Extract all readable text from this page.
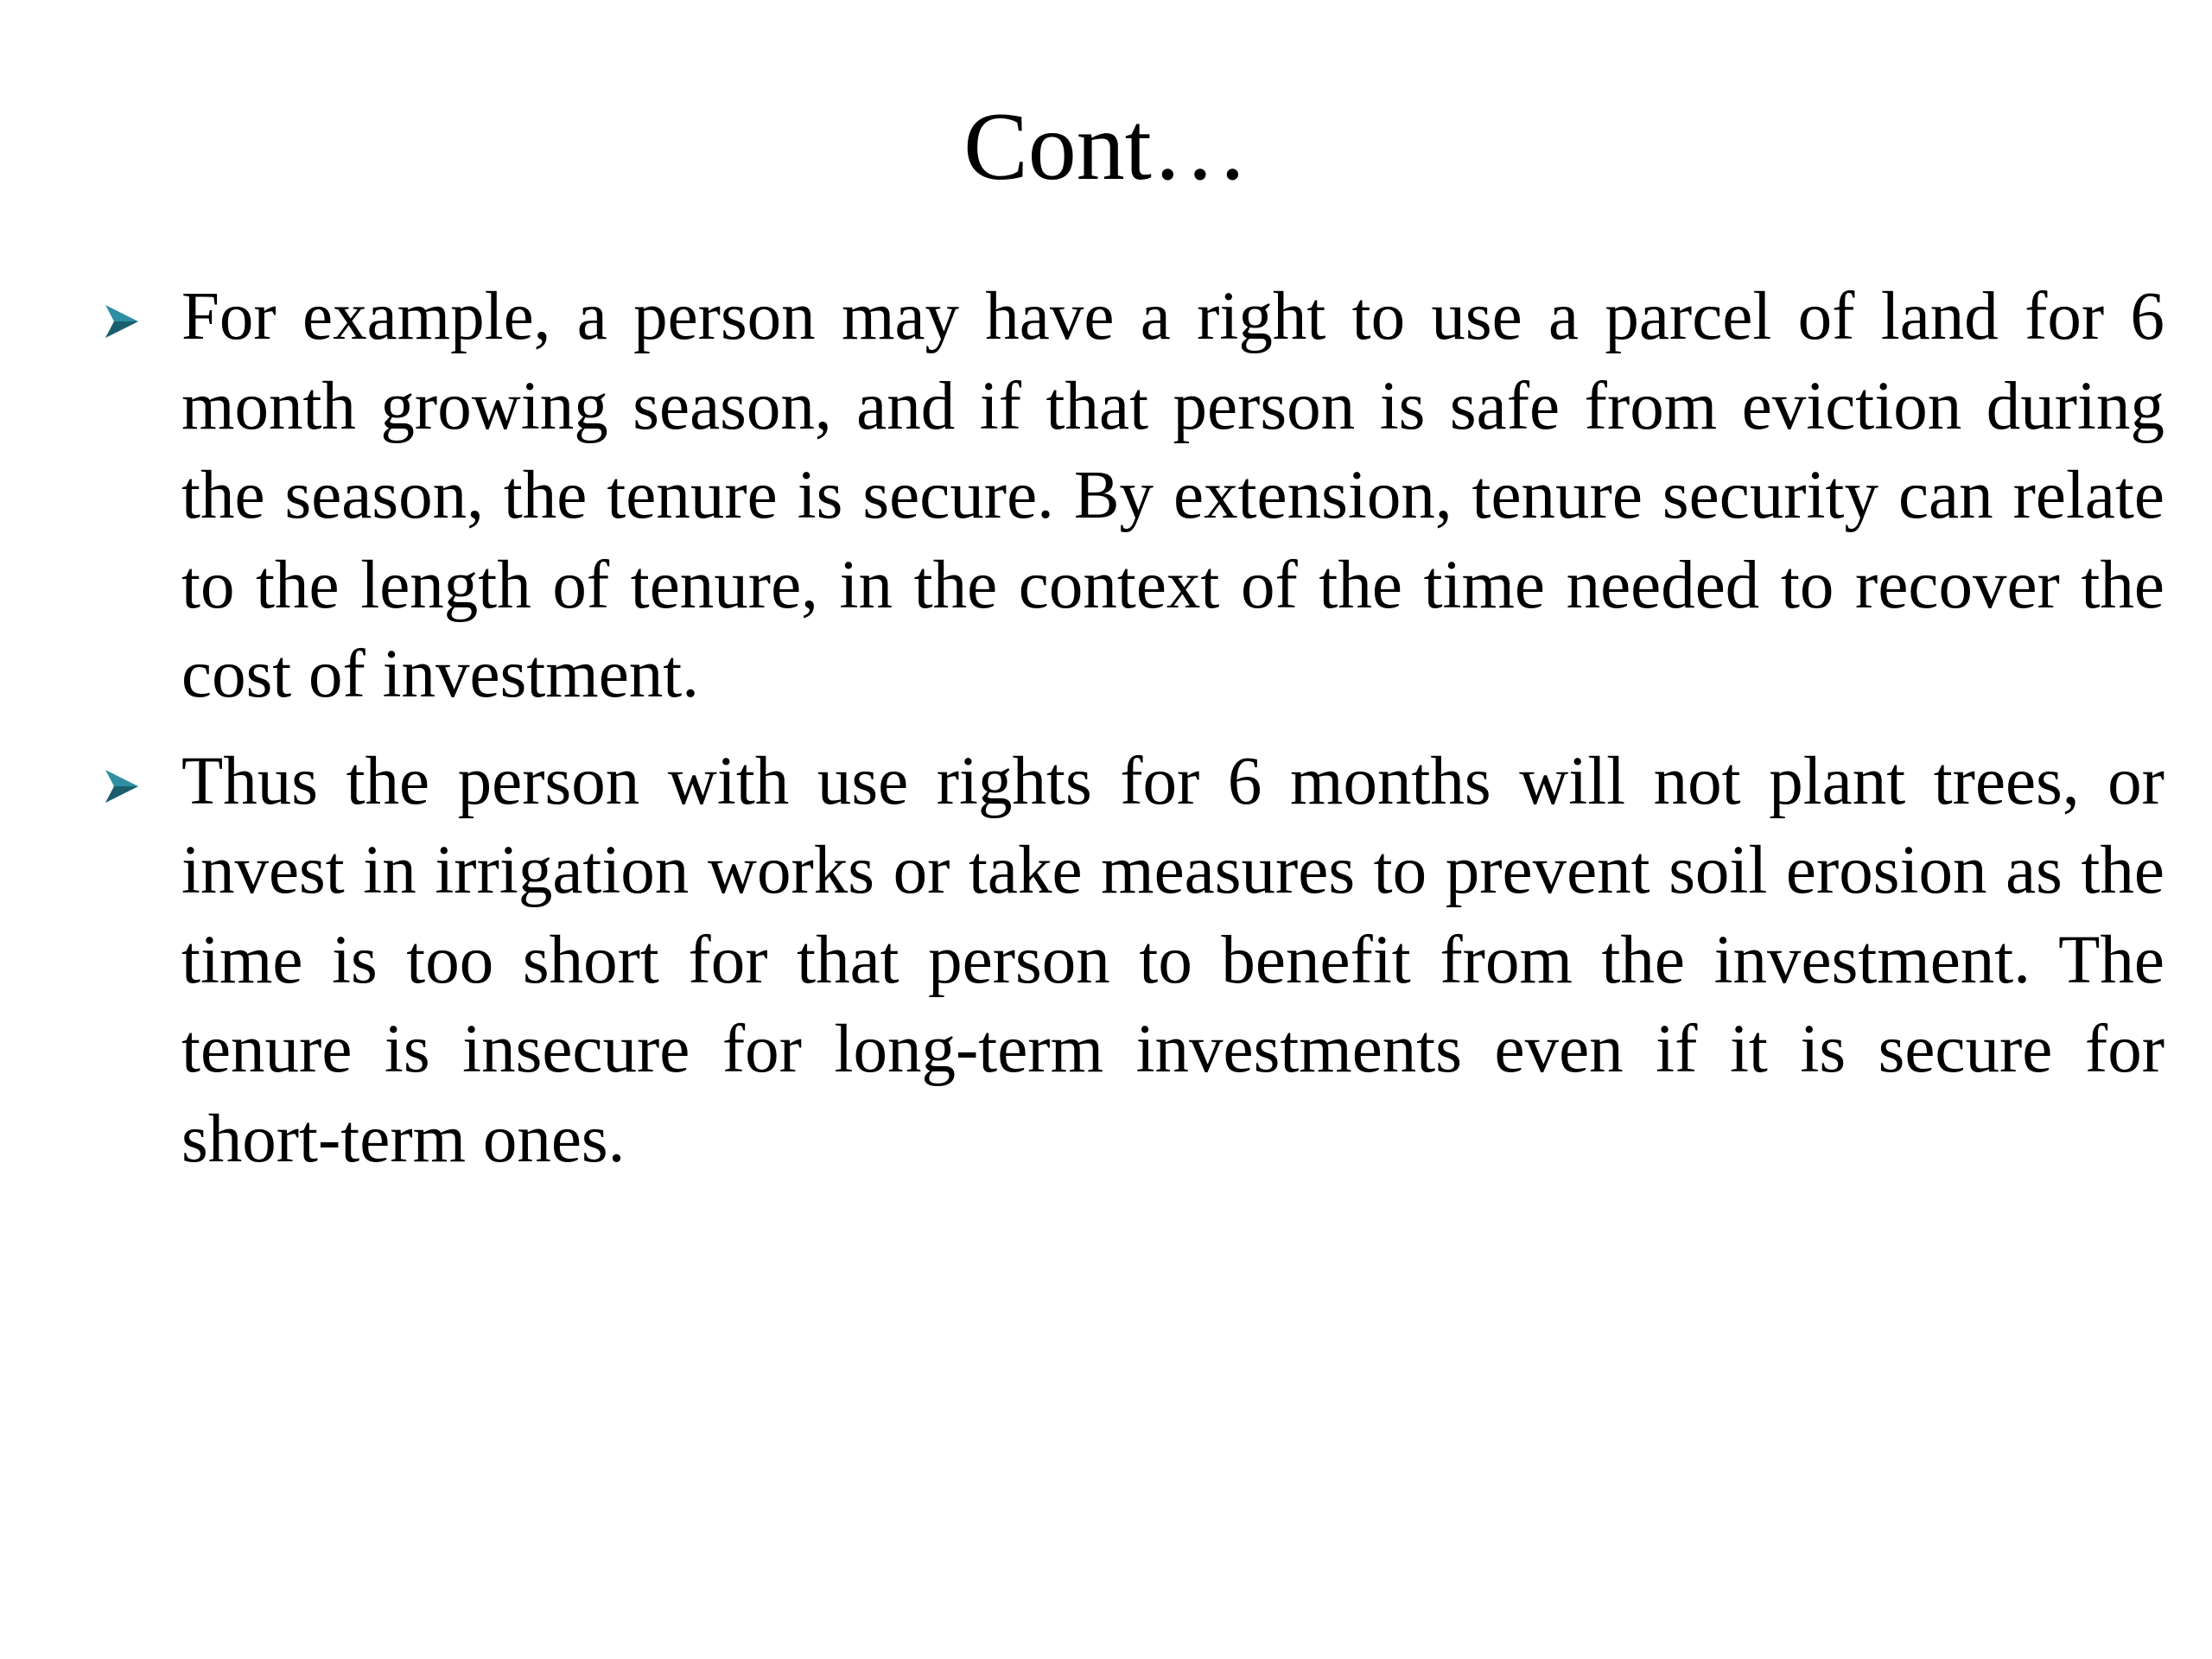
Cont…
For example, a person may have a right to use a parcel of land for 6 month growing season, and if that person is safe from eviction during the season, the tenure is secure. By extension, tenure security can relate to the length of tenure, in the context of the time needed to recover the cost of investment.
Thus the person with use rights for 6 months will not plant trees, or invest in irrigation works or take measures to prevent soil erosion as the time is too short for that person to benefit from the investment. The tenure is insecure for long-term investments even if it is secure for short-term ones.
